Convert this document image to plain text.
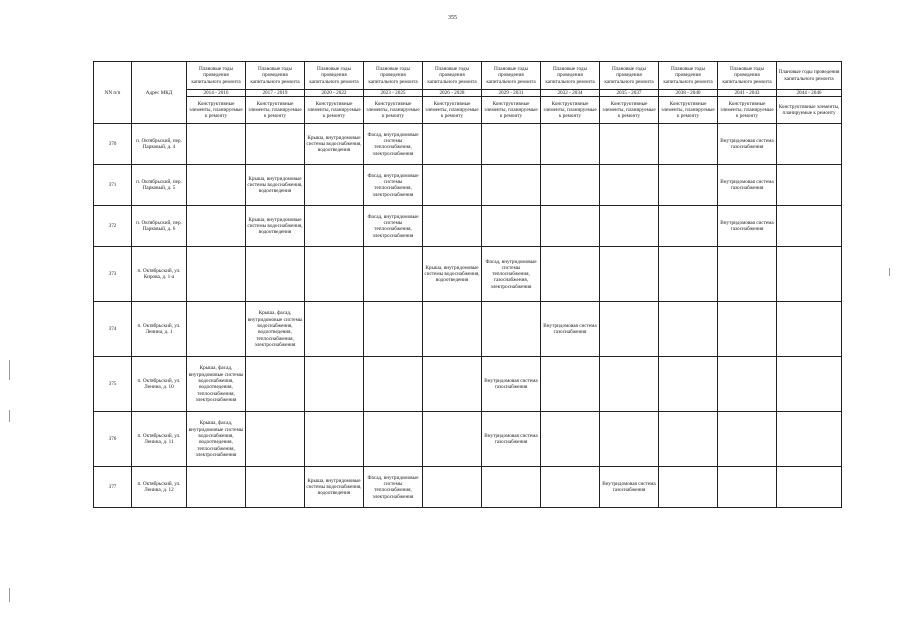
355
NN п/п	Адрес МКД	Плановые годы проведения капитального ремонта	Плановые годы проведения капитального ремонта	Плановые годы проведения капитального ремонта	Плановые годы проведения капитального ремонта	Плановые годы проведения капитального ремонта	Плановые годы проведения капитального ремонта	Плановые годы проведения капитального ремонта	Плановые годы проведения капитального ремонта	Плановые годы проведения капитального ремонта	Плановые годы проведения капитального ремонта	Плановые годы проведения капитального ремонта
		2014 - 2016	2017 - 2019	2020 - 2022	2023 - 2025	2026 - 2028	2029 - 2031	2032 - 2034	2035 - 2037	2038 - 2040	2041 - 2043	2044 - 2046
		Конструктивные элементы, планируемые к ремонту	Конструктивные элементы, планируемые к ремонту	Конструктивные элементы, планируемые к ремонту	Конструктивные элементы, планируемые к ремонту	Конструктивные элементы, планируемые к ремонту	Конструктивные элементы, планируемые к ремонту	Конструктивные элементы, планируемые к ремонту	Конструктивные элементы, планируемые к ремонту	Конструктивные элементы, планируемые к ремонту	Конструктивные элементы, планируемые к ремонту	Конструктивные элементы, планируемые к ремонту
370	п. Октябрьский, пер. Парковый, д. 4			Крыша, внутридомовые системы водоснабжения, водоотведения	Фасад, внутридомовые системы теплоснабжения, электроснабжения						Внутридомовая система газоснабжения	
371	п. Октябрьский, пер. Парковый, д. 5		Крыша, внутридомовые системы водоснабжения, водоотведения		Фасад, внутридомовые системы теплоснабжения, электроснабжения						Внутридомовая система газоснабжения	
372	п. Октябрьский, пер. Парковый, д. 6		Крыша, внутридомовые системы водоснабжения, водоотведения		Фасад, внутридомовые системы теплоснабжения, электроснабжения						Внутридомовая система газоснабжения	
373	п. Октябрьский, ул. Кирова, д. 1-а					Крыша, внутридомовые системы водоснабжения, водоотведения	Фасад, внутридомовые системы теплоснабжения, газоснабжения, электроснабжения					
374	п. Октябрьский, ул. Ленина, д. 1		Крыша, фасад, внутридомовые системы водоснабжения, водоотведения, теплоснабжения, электроснабжения					Внутридомовая система газоснабжения				
375	п. Октябрьский, ул. Ленина, д. 10	Крыша, фасад, внутридомовые системы водоснабжения, водоотведения, теплоснабжения, электроснабжения					Внутридомовая система газоснабжения					
376	п. Октябрьский, ул. Ленина, д. 11	Крыша, фасад, внутридомовые системы водоснабжения, водоотведения, теплоснабжения, электроснабжения					Внутридомовая система газоснабжения					
377	п. Октябрьский, ул. Ленина, д. 12			Крыша, внутридомовые системы водоснабжения, водоотведения	Фасад, внутридомовые системы теплоснабжения, электроснабжения				Внутридомовая система газоснабжения			
